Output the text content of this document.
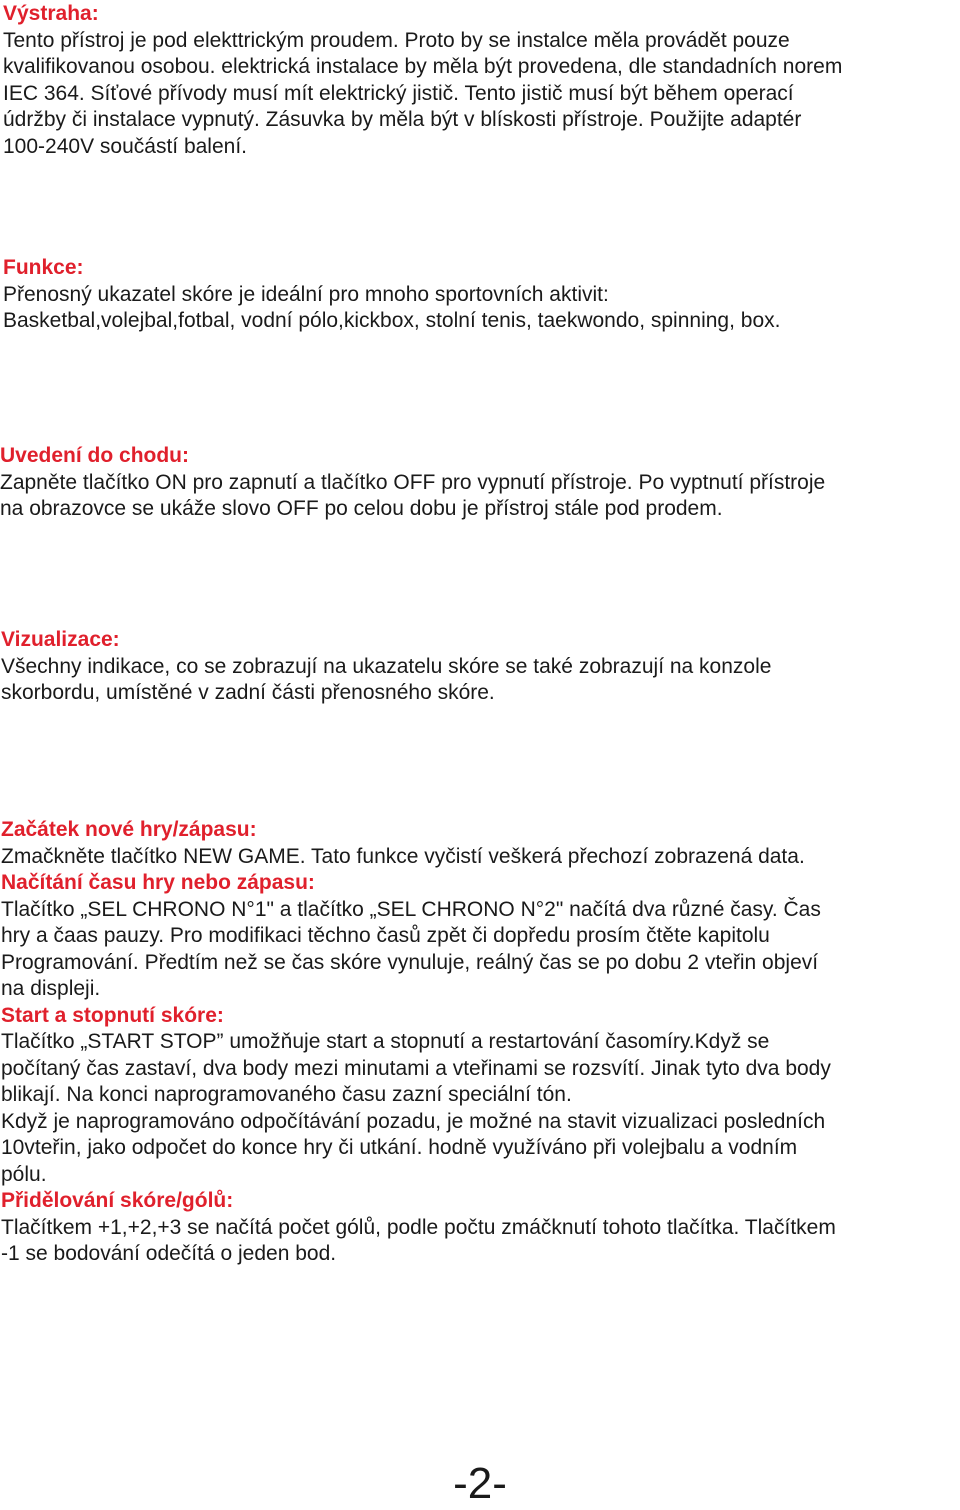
Výstraha:

Tento přístroj je pod elekttrickým proudem. Proto by se instalce měla provádět pouze

kvalifikovanou osobou. elektrická instalace by měla být provedena, dle standadních norem

IEC 364. Síťové přívody musí mít elektrický jistič. Tento jistič musí být během operací

údržby či instalace vypnutý. Zásuvka by měla být v blískosti přístroje. Použijte adaptér

100-240V součástí balení.

Funkce:

Přenosný ukazatel skóre je ideální pro mnoho sportovních aktivit:

Basketbal,volejbal,fotbal, vodní pólo,kickbox, stolní tenis, taekwondo, spinning, box.

Uvedení do chodu:

Zapněte tlačítko ON pro zapnutí a tlačítko OFF pro vypnutí přístroje. Po vyptnutí přístroje

na obrazovce se ukáže slovo OFF po celou dobu je přístroj stále pod prodem.

Vizualizace:

Všechny indikace, co se zobrazují na ukazatelu skóre se také zobrazují na konzole

skorbordu, umístěné v zadní části přenosného skóre.

Začátek nové hry/zápasu:

Zmačkněte tlačítko NEW GAME. Tato funkce vyčistí veškerá přechozí zobrazená data.

Načítání času hry nebo zápasu:

Tlačítko „SEL CHRONO N°1" a tlačítko „SEL CHRONO N°2" načítá dva různé časy. Čas

hry a čaas pauzy. Pro modifikaci těchno časů zpět či dopředu prosím čtěte kapitolu

Programování. Předtím než se čas skóre vynuluje, reálný čas se po dobu 2 vteřin objeví

na displeji.

Start a stopnutí skóre:

Tlačítko „START STOP” umožňuje start a stopnutí a restartování časomíry.Když se

počítaný čas zastaví, dva body mezi minutami a vteřinami se rozsvítí. Jinak tyto dva body

blikají. Na konci naprogramovaného času zazní speciální tón.

Když je naprogramováno odpočítávání pozadu, je možné na stavit vizualizaci posledních

10vteřin, jako odpočet do konce hry či utkání. hodně využíváno při volejbalu a vodním

pólu.

Přidělování skóre/gólů:

Tlačítkem +1,+2,+3 se načítá počet gólů, podle počtu zmáčknutí tohoto tlačítka. Tlačítkem

-1 se bodování odečítá o jeden bod.

-2-
